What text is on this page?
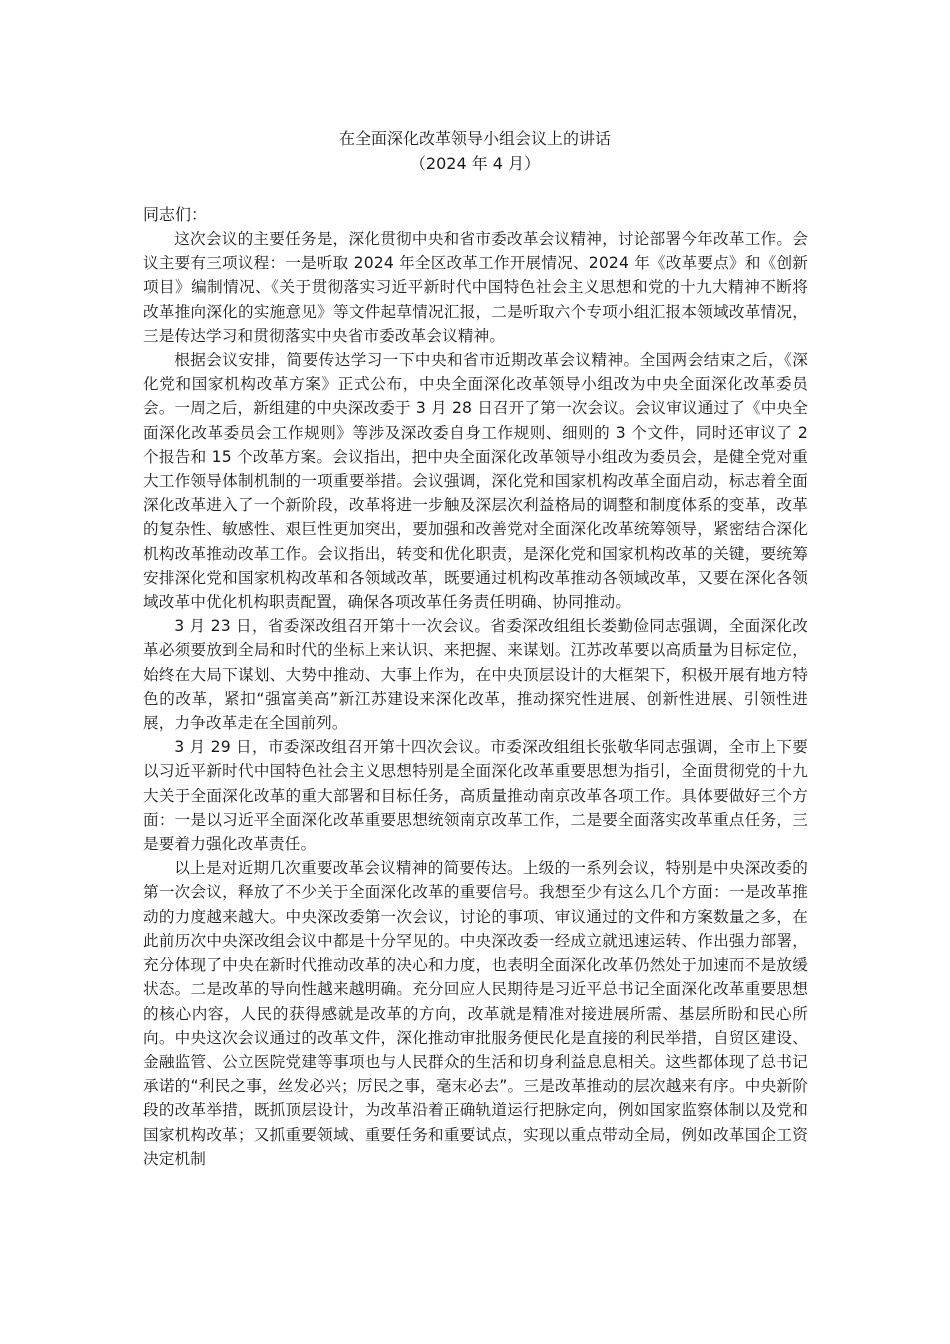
在全面深化改革领导小组会议上的讲话
（2024 年 4 月）
同志们：

这次会议的主要任务是，深化贯彻中央和省市委改革会议精神，讨论部署今年改革工作。会议主要有三项议程：一是听取 2024 年全区改革工作开展情况、2024 年《改革要点》和《创新项目》编制情况、《关于贯彻落实习近平新时代中国特色社会主义思想和党的十九大精神不断将改革推向深化的实施意见》等文件起草情况汇报，二是听取六个专项小组汇报本领域改革情况，三是传达学习和贯彻落实中央省市委改革会议精神。

根据会议安排，简要传达学习一下中央和省市近期改革会议精神。全国两会结束之后，《深化党和国家机构改革方案》正式公布，中央全面深化改革领导小组改为中央全面深化改革委员会。一周之后，新组建的中央深改委于 3 月 28 日召开了第一次会议。会议审议通过了《中央全面深化改革委员会工作规则》等涉及深改委自身工作规则、细则的 3 个文件，同时还审议了 2 个报告和 15 个改革方案。会议指出，把中央全面深化改革领导小组改为委员会，是健全党对重大工作领导体制机制的一项重要举措。会议强调，深化党和国家机构改革全面启动，标志着全面深化改革进入了一个新阶段，改革将进一步触及深层次利益格局的调整和制度体系的变革，改革的复杂性、敏感性、艰巨性更加突出，要加强和改善党对全面深化改革统筹领导，紧密结合深化机构改革推动改革工作。会议指出，转变和优化职责，是深化党和国家机构改革的关键，要统筹安排深化党和国家机构改革和各领域改革，既要通过机构改革推动各领域改革，又要在深化各领域改革中优化机构职责配置，确保各项改革任务责任明确、协同推动。

3 月 23 日，省委深改组召开第十一次会议。省委深改组组长娄勤俭同志强调，全面深化改革必须要放到全局和时代的坐标上来认识、来把握、来谋划。江苏改革要以高质量为目标定位，始终在大局下谋划、大势中推动、大事上作为，在中央顶层设计的大框架下，积极开展有地方特色的改革，紧扣“强富美高”新江苏建设来深化改革，推动探究性进展、创新性进展、引领性进展，力争改革走在全国前列。

3 月 29 日，市委深改组召开第十四次会议。市委深改组组长张敬华同志强调，全市上下要以习近平新时代中国特色社会主义思想特别是全面深化改革重要思想为指引，全面贯彻党的十九大关于全面深化改革的重大部署和目标任务，高质量推动南京改革各项工作。具体要做好三个方面：一是以习近平全面深化改革重要思想统领南京改革工作，二是要全面落实改革重点任务，三是要着力强化改革责任。

以上是对近期几次重要改革会议精神的简要传达。上级的一系列会议，特别是中央深改委的第一次会议，释放了不少关于全面深化改革的重要信号。我想至少有这么几个方面：一是改革推动的力度越来越大。中央深改委第一次会议，讨论的事项、审议通过的文件和方案数量之多，在此前历次中央深改组会议中都是十分罕见的。中央深改委一经成立就迅速运转、作出强力部署，充分体现了中央在新时代推动改革的决心和力度，也表明全面深化改革仍然处于加速而不是放缓状态。二是改革的导向性越来越明确。充分回应人民期待是习近平总书记全面深化改革重要思想的核心内容，人民的获得感就是改革的方向，改革就是精准对接进展所需、基层所盼和民心所向。中央这次会议通过的改革文件，深化推动审批服务便民化是直接的利民举措，自贸区建设、金融监管、公立医院党建等事项也与人民群众的生活和切身利益息息相关。这些都体现了总书记承诺的“利民之事，丝发必兴；厉民之事，毫末必去”。三是改革推动的层次越来有序。中央新阶段的改革举措，既抓顶层设计，为改革沿着正确轨道运行把脉定向，例如国家监察体制以及党和国家机构改革；又抓重要领域、重要任务和重要试点，实现以重点带动全局，例如改革国企工资决定机制
